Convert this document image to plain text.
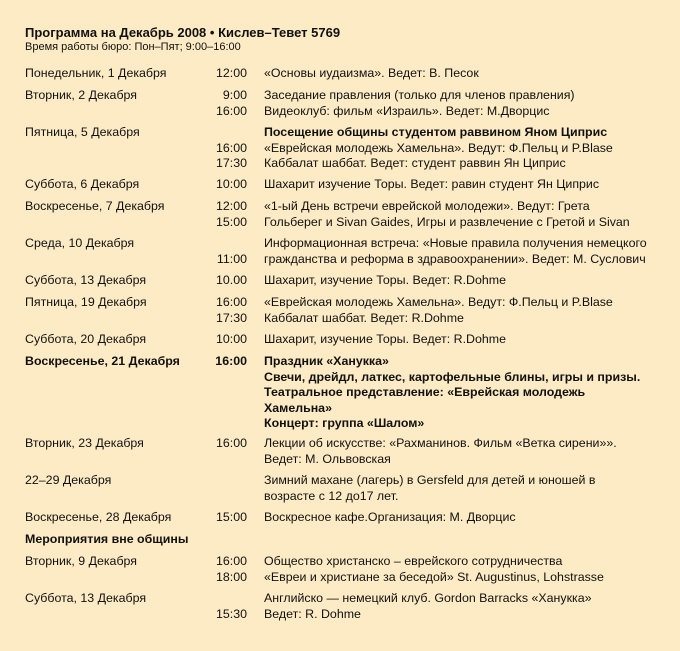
Программа на Декабрь 2008 • Кислев–Тевет 5769
Время работы бюро: Пон–Пят; 9:00–16:00
Понедельник, 1 Декабря	12:00 «Основы иудаизма». Ведет: В. Песок
Вторник, 2 Декабря	9:00 Заседание правления (только для членов правления)
16:00 Видеоклуб: фильм «Израиль». Ведет: М.Дворцис
Пятница, 5 Декабря	Посещение общины студентом раввином Яном Циприс
16:00 «Еврейская молодежь Хамельна». Ведут: Ф.Пельц и P.Blase
17:30 Каббалат шаббат. Ведет: студент раввин Ян Циприс
Суббота, 6 Декабря	10:00 Шахарит изучение Торы. Ведет: равин студент Ян Циприс
Воскресенье, 7 Декабря	12:00 «1-ый День встречи еврейской молодежи». Ведут: Грета
15:00 Гольберег и Sivan Gaides, Игры и развлечение с Гретой и Sivan
Среда, 10 Декабря	Информационная встреча: «Новые правила получения немецкого
11:00 гражданства и реформа в здравоохранении». Ведет: М. Суслович
Суббота, 13 Декабря	10.00 Шахарит, изучение Торы. Ведет: R.Dohme
Пятница, 19 Декабря	16:00 «Еврейская молодежь Хамельна». Ведут: Ф.Пельц и P.Blase
17:30 Каббалат шаббат. Ведет: R.Dohme
Суббота, 20 Декабря	10:00 Шахарит, изучение Торы. Ведет: R.Dohme
Воскресенье, 21 Декабря	16:00 Праздник «Ханукка»
Свечи, дрейдл, латкес, картофельные блины, игры и призы.
Театральное представление: «Еврейская молодежь
Хамельна»
Концерт: группа «Шалом»
Вторник, 23 Декабря	16:00 Лекции об искусстве: «Рахманинов. Фильм «Ветка сирени»».
Ведет: М. Ольвовская
22–29 Декабря	Зимний махане (лагерь) в Gersfeld для детей и юношей в
возрасте с 12 до17 лет.
Воскресенье, 28 Декабря	15:00 Воскресное кафе.Организация: М. Дворцис
Мероприятия вне общины
Вторник, 9 Декабря	16:00 Общество христанско – еврейского сотрудничества
18:00 «Евреи и христиане за беседой» St. Augustinus, Lohstrasse
Суббота, 13 Декабря	Английско — немецкий клуб. Gordon Barracks «Ханукка»
15:30 Ведет: R. Dohme
